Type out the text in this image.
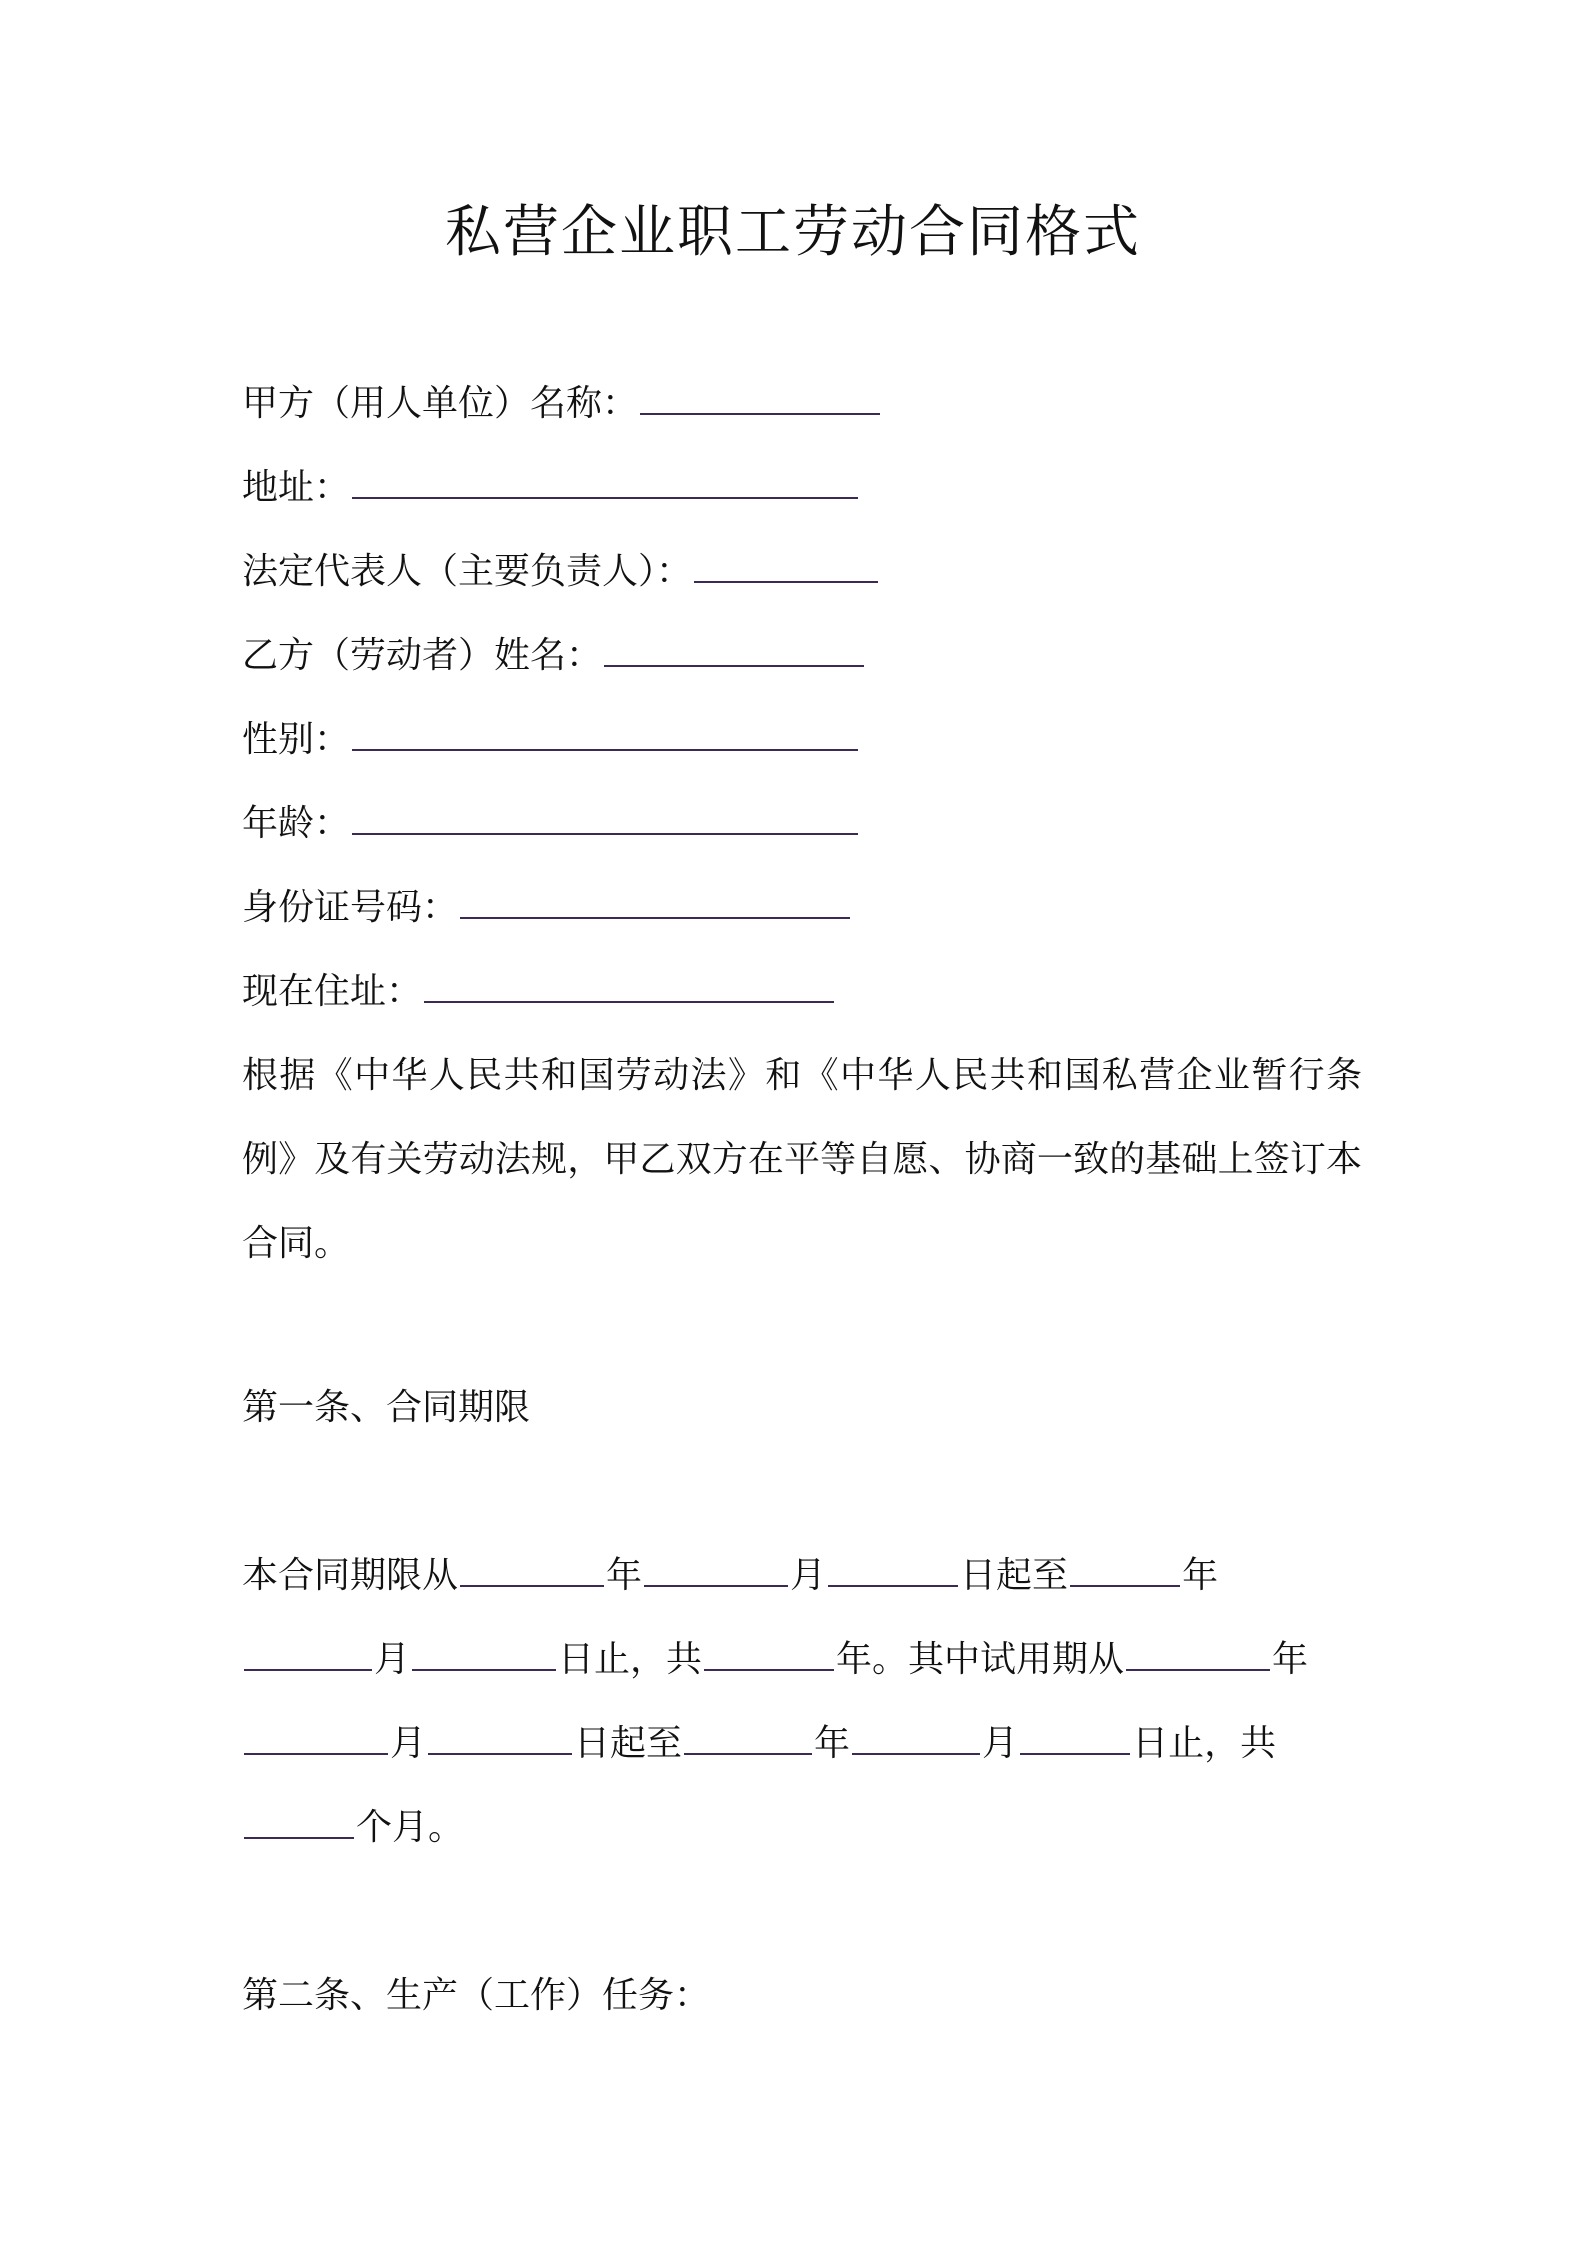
私营企业职工劳动合同格式

甲方（用人单位）名称：

地址：

法定代表人（主要负责人）：

乙方（劳动者）姓名：

性别：

年龄：

身份证号码：

现在住址：

根据《中华人民共和国劳动法》和《中华人民共和国私营企业暂行条例》及有关劳动法规，甲乙双方在平等自愿、协商一致的基础上签订本合同。

第一条、合同期限

本合同期限从	年	月	日起至	年

月	日止，共	年。其中试用期从	年

月	日起至	年	月	日止，共

个月。

第二条、生产（工作）任务：
